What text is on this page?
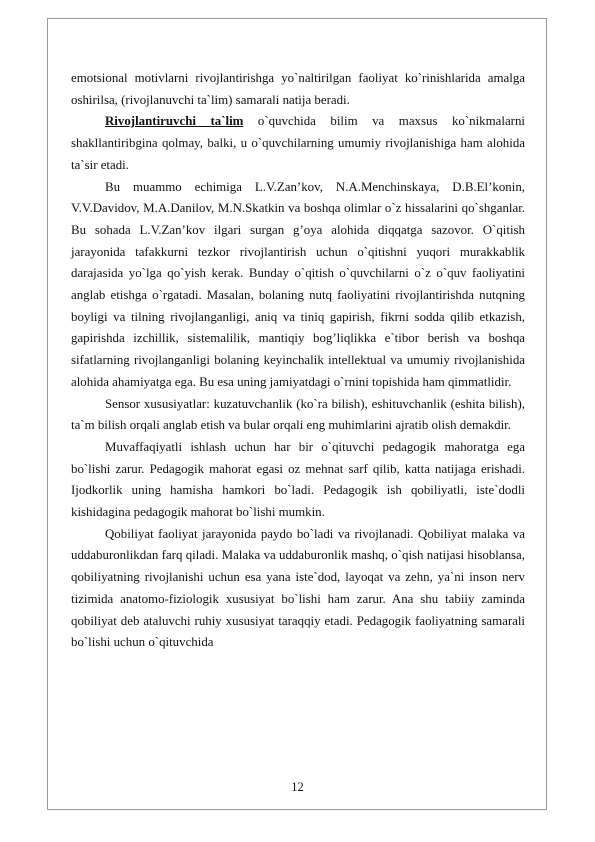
emotsional motivlarni rivojlantirishga yo`naltirilgan faoliyat ko`rinishlarida amalga oshirilsa, (rivojlanuvchi ta`lim) samarali natija beradi.

Rivojlantiruvchi ta`lim o`quvchida bilim va maxsus ko`nikmalarni shakllantiribgina qolmay, balki, u o`quvchilarning umumiy rivojlanishiga ham alohida ta`sir etadi.

Bu muammo echimiga L.V.Zan’kov, N.A.Menchinskaya, D.B.El’konin, V.V.Davidov, M.A.Danilov, M.N.Skatkin va boshqa olimlar o`z hissalarini qo`shganlar. Bu sohada L.V.Zan’kov ilgari surgan g’oya alohida diqqatga sazovor. O`qitish jarayonida tafakkurni tezkor rivojlantirish uchun o`qitishni yuqori murakkablik darajasida yo`lga qo`yish kerak. Bunday o`qitish o`quvchilarni o`z o`quv faoliyatini anglab etishga o`rgatadi. Masalan, bolaning nutq faoliyatini rivojlantirishda nutqning boyligi va tilning rivojlanganligi, aniq va tiniq gapirish, fikrni sodda qilib etkazish, gapirishda izchillik, sistemalilik, mantiqiy bog’liqlikka e`tibor berish va boshqa sifatlarning rivojlanganligi bolaning keyinchalik intellektual va umumiy rivojlanishida alohida ahamiyatga ega. Bu esa uning jamiyatdagi o`rnini topishida ham qimmatlidir.

Sensor xususiyatlar: kuzatuvchanlik (ko`ra bilish), eshituvchanlik (eshita bilish), ta`m bilish orqali anglab etish va bular orqali eng muhimlarini ajratib olish demakdir.

Muvaffaqiyatli ishlash uchun har bir o`qituvchi pedagogik mahoratga ega bo`lishi zarur. Pedagogik mahorat egasi oz mehnat sarf qilib, katta natijaga erishadi. Ijodkorlik uning hamisha hamkori bo`ladi. Pedagogik ish qobiliyatli, iste`dodli kishidagina pedagogik mahorat bo`lishi mumkin.

Qobiliyat faoliyat jarayonida paydo bo`ladi va rivojlanadi. Qobiliyat malaka va uddaburonlikdan farq qiladi. Malaka va uddaburonlik mashq, o`qish natijasi hisoblansa, qobiliyatning rivojlanishi uchun esa yana iste`dod, layoqat va zehn, ya`ni inson nerv tizimida anatomo-fiziologik xususiyat bo`lishi ham zarur. Ana shu tabiiy zaminda qobiliyat deb ataluvchi ruhiy xususiyat taraqqiy etadi. Pedagogik faoliyatning samarali bo`lishi uchun o`qituvchida

12
